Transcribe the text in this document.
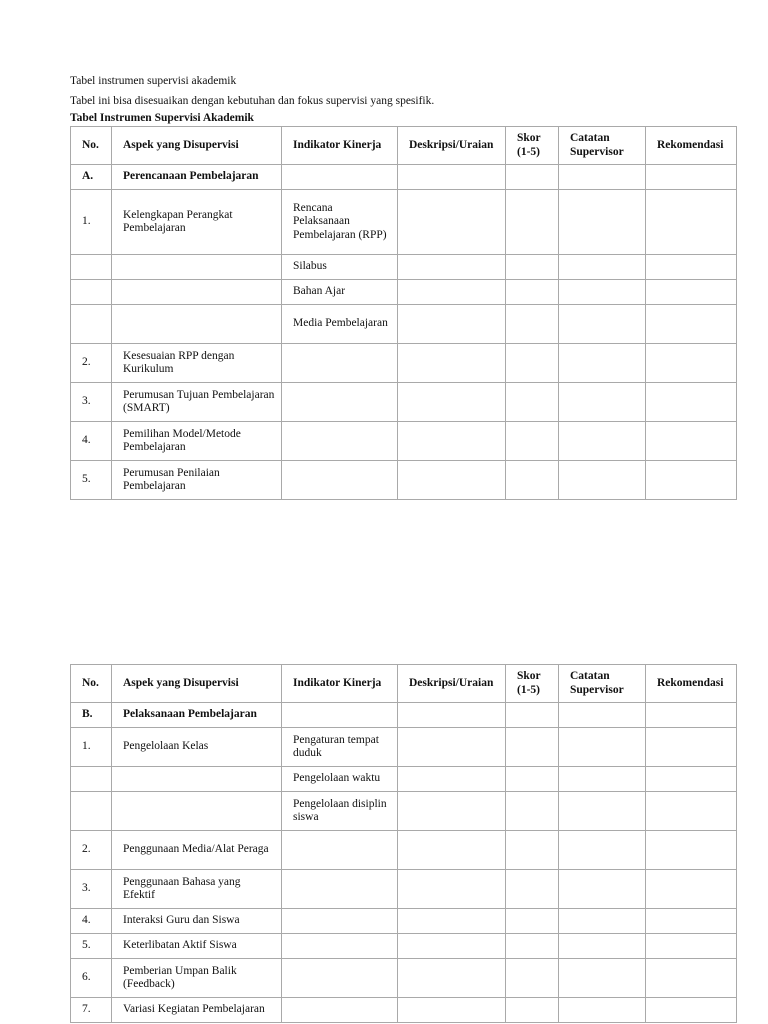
Tabel instrumen supervisi akademik
Tabel ini bisa disesuaikan dengan kebutuhan dan fokus supervisi yang spesifik.
Tabel Instrumen Supervisi Akademik
No.	Aspek yang Disupervisi	Indikator Kinerja	Deskripsi/Uraian	Skor (1-5)	Catatan Supervisor	Rekomendasi
A.	Perencanaan Pembelajaran					
1.	Kelengkapan Perangkat Pembelajaran	Rencana Pelaksanaan Pembelajaran (RPP)				
		Silabus				
		Bahan Ajar				
		Media Pembelajaran				
2.	Kesesuaian RPP dengan Kurikulum					
3.	Perumusan Tujuan Pembelajaran (SMART)					
4.	Pemilihan Model/Metode Pembelajaran					
5.	Perumusan Penilaian Pembelajaran					
No.	Aspek yang Disupervisi	Indikator Kinerja	Deskripsi/Uraian	Skor (1-5)	Catatan Supervisor	Rekomendasi
B.	Pelaksanaan Pembelajaran					
1.	Pengelolaan Kelas	Pengaturan tempat duduk				
		Pengelolaan waktu				
		Pengelolaan disiplin siswa				
2.	Penggunaan Media/Alat Peraga					
3.	Penggunaan Bahasa yang Efektif					
4.	Interaksi Guru dan Siswa					
5.	Keterlibatan Aktif Siswa					
6.	Pemberian Umpan Balik (Feedback)					
7.	Variasi Kegiatan Pembelajaran					
